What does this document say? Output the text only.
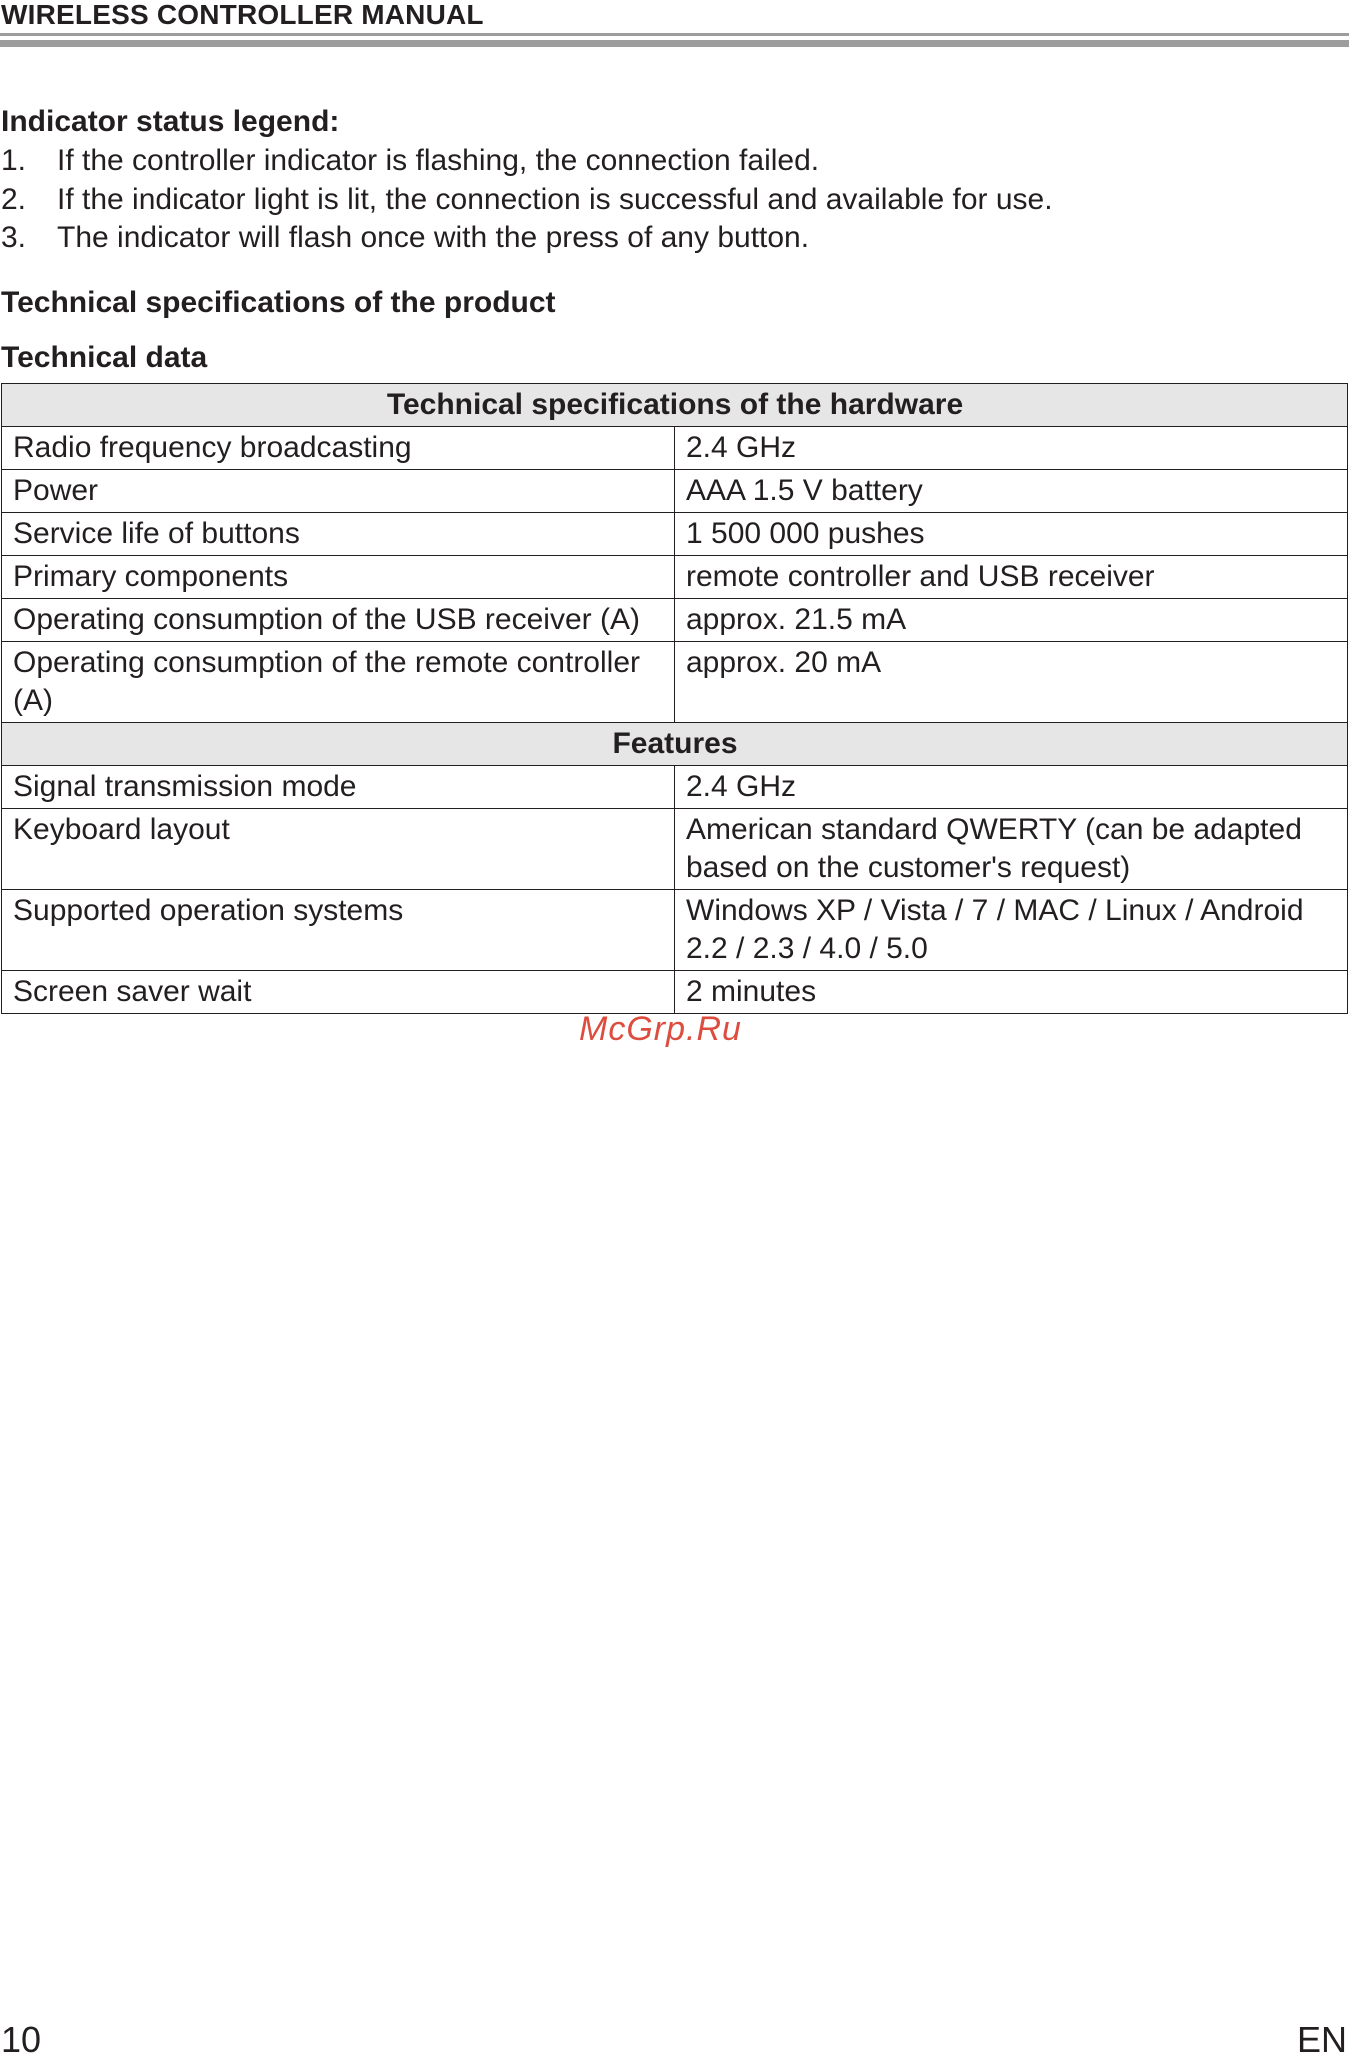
WIRELESS CONTROLLER MANUAL
Indicator status legend:
1. If the controller indicator is flashing, the connection failed.
2. If the indicator light is lit, the connection is successful and available for use.
3. The indicator will flash once with the press of any button.
Technical specifications of the product
Technical data
Technical specifications of the hardware	
Radio frequency broadcasting	2.4 GHz
Power	AAA 1.5 V battery
Service life of buttons	1 500 000 pushes
Primary components	remote controller and USB receiver
Operating consumption of the USB receiver (A)	approx. 21.5 mA
Operating consumption of the remote controller (A)	approx. 20 mA
Features	
Signal transmission mode	2.4 GHz
Keyboard layout	American standard QWERTY (can be adapted based on the customer's request)
Supported operation systems	Windows XP / Vista / 7 / MAC / Linux / Android 2.2 / 2.3 / 4.0 / 5.0
Screen saver wait	2 minutes
McGrp.Ru
10	EN
